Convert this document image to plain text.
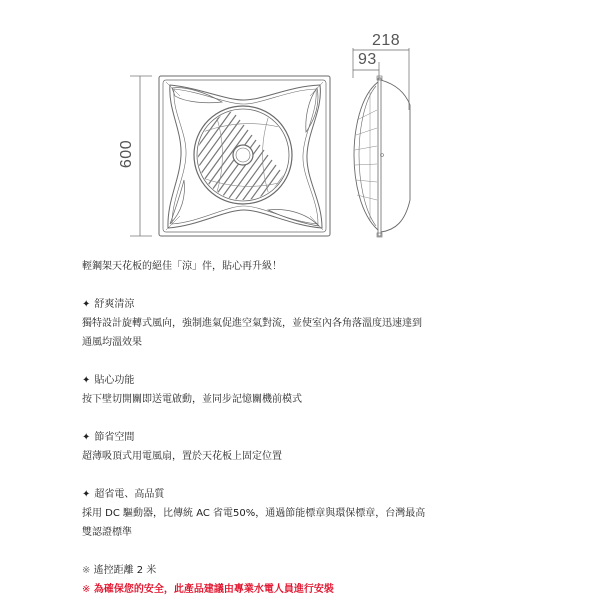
600
218
93
輕鋼架天花板的絕佳「涼」伴，貼心再升級！
✦ 舒爽清涼
獨特設計旋轉式風向，強制進氣促進空氣對流，並使室內各角落溫度迅速達到
通風均溫效果
✦ 貼心功能
按下壁切開關即送電啟動，並同步記憶關機前模式
✦ 節省空間
超薄吸頂式用電風扇，置於天花板上固定位置
✦ 超省電、高品質
採用 DC 驅動器，比傳統 AC 省電50%，通過節能標章與環保標章，台灣最高
雙認證標準
※ 遙控距離 2 米
※ 為確保您的安全，此產品建議由專業水電人員進行安裝
